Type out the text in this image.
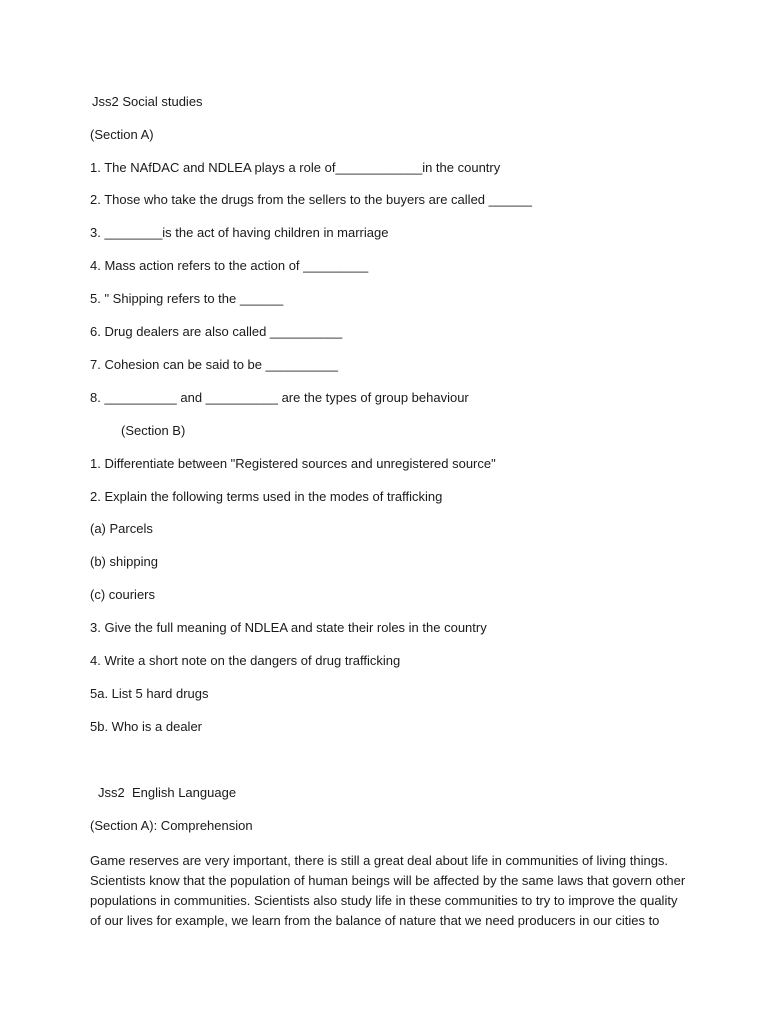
Jss2 Social studies
(Section A)
1. The NAfDAC and NDLEA plays a role of____________in the country
2. Those who take the drugs from the sellers to the buyers are called ______
3. ________is the act of having children in marriage
4. Mass action refers to the action of _________
5. " Shipping refers to the ______
6. Drug dealers are also called __________
7. Cohesion can be said to be __________
8. __________ and __________ are the types of group behaviour
(Section B)
1. Differentiate between "Registered sources and unregistered source"
2. Explain the following terms used in the modes of trafficking
(a) Parcels
(b) shipping
(c) couriers
3. Give the full meaning of NDLEA and state their roles in the country
4. Write a short note on the dangers of drug trafficking
5a. List 5 hard drugs
5b. Who is a dealer
Jss2  English Language
(Section A): Comprehension
Game reserves are very important, there is still a great deal about life in communities of living things.
Scientists know that the population of human beings will be affected by the same laws that govern other
populations in communities. Scientists also study life in these communities to try to improve the quality
of our lives for example, we learn from the balance of nature that we need producers in our cities to
